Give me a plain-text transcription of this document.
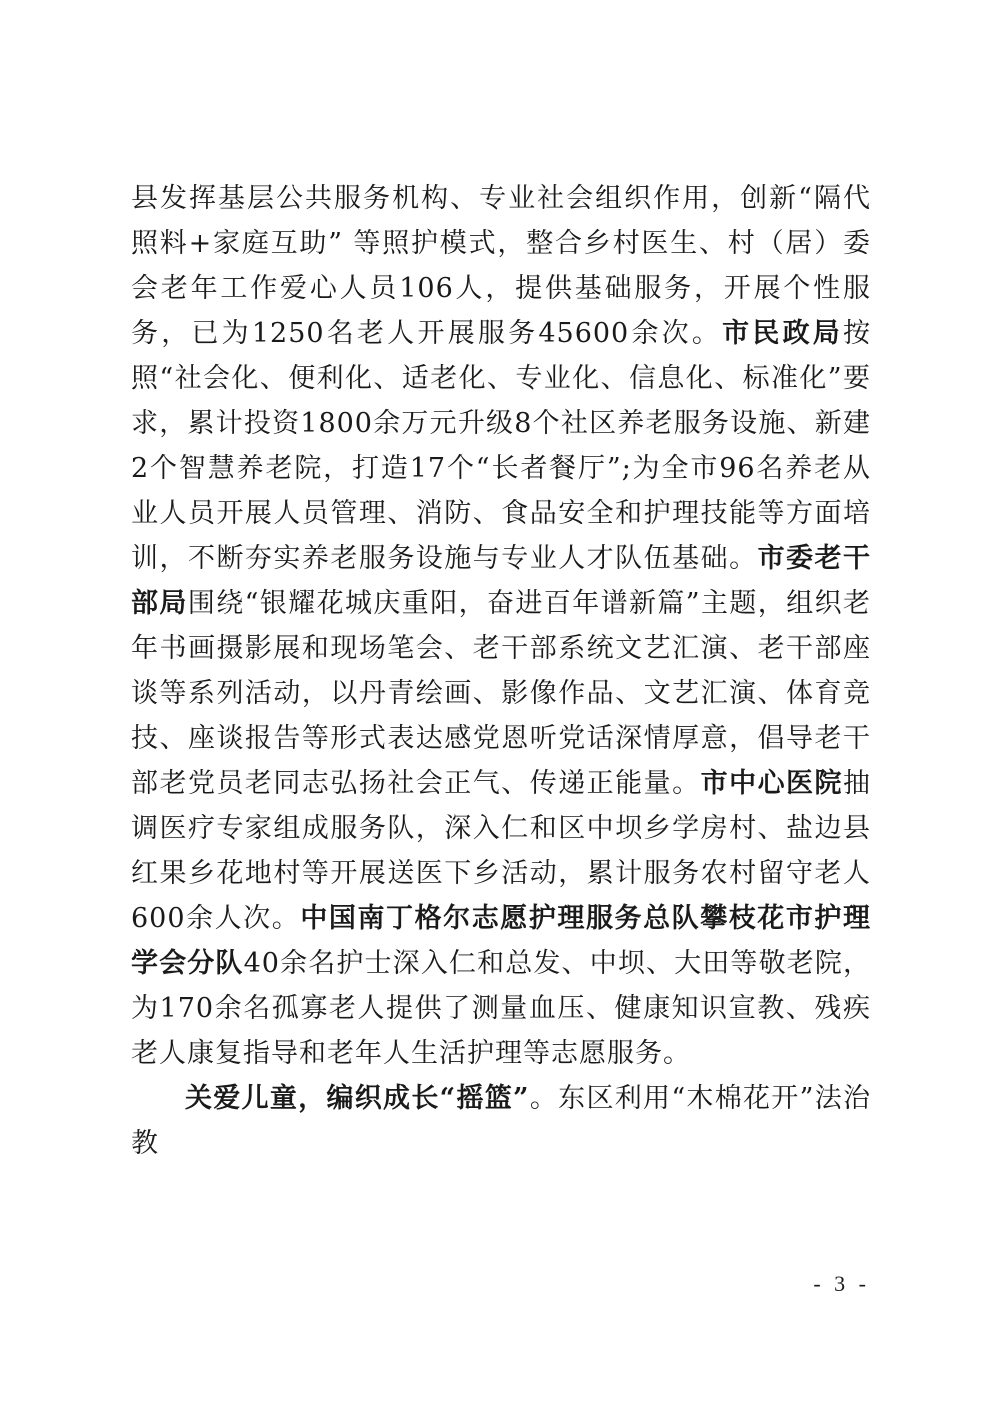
县发挥基层公共服务机构、专业社会组织作用，创新“隔代照料+家庭互助” 等照护模式，整合乡村医生、村（居）委会老年工作爱心人员106人，提供基础服务，开展个性服务，已为1250名老人开展服务45600余次。市民政局按照“社会化、便利化、适老化、专业化、信息化、标准化”要求，累计投资1800余万元升级8个社区养老服务设施、新建2个智慧养老院，打造17个“长者餐厅”;为全市96名养老从业人员开展人员管理、消防、食品安全和护理技能等方面培训，不断夯实养老服务设施与专业人才队伍基础。市委老干部局围绕“银耀花城庆重阳，奋进百年谱新篇”主题，组织老年书画摄影展和现场笔会、老干部系统文艺汇演、老干部座谈等系列活动，以丹青绘画、影像作品、文艺汇演、体育竞技、座谈报告等形式表达感党恩听党话深情厚意，倡导老干部老党员老同志弘扬社会正气、传递正能量。市中心医院抽调医疗专家组成服务队，深入仁和区中坝乡学房村、盐边县红果乡花地村等开展送医下乡活动，累计服务农村留守老人600余人次。中国南丁格尔志愿护理服务总队攀枝花市护理学会分队40余名护士深入仁和总发、中坝、大田等敬老院，为170余名孤寡老人提供了测量血压、健康知识宣教、残疾老人康复指导和老年人生活护理等志愿服务。

关爱儿童，编织成长“摇篮”。东区利用“木棉花开”法治教

- 3 -
